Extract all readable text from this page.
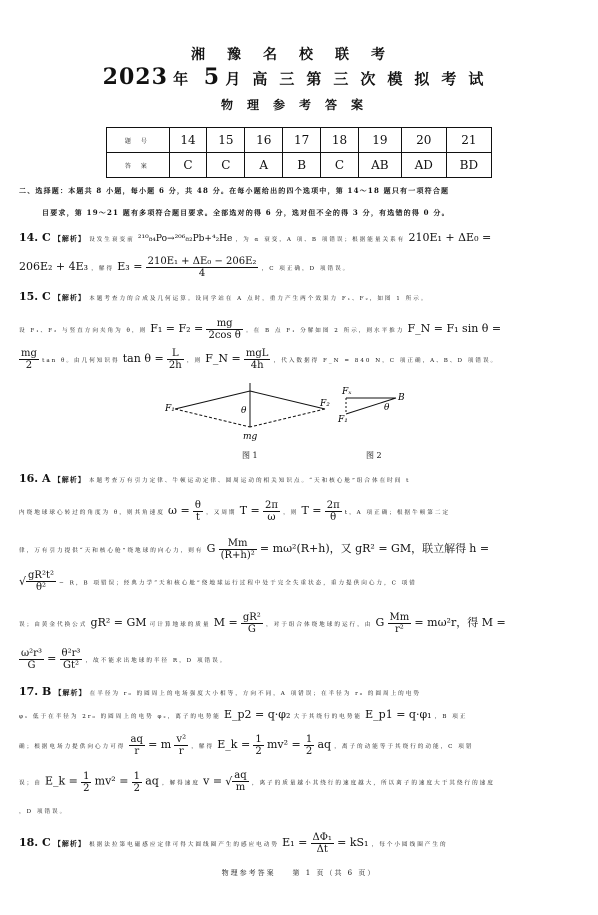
湘豫名校联考
2023 年 5 月高三第三次模拟考试
物理参考答案
题 号	14	15	16	17	18	19	20	21
答 案	C	C	A	B	C	AB	AD	BD
二、选择题：本题共 8 小题，每小题 6 分，共 48 分。在每小题给出的四个选项中，第 14～18 题只有一项符合题
目要求，第 19～21 题有多项符合题目要求。全部选对的得 6 分，选对但不全的得 3 分，有选错的得 0 分。
14. C 【解析】 设发生衰变前 ²¹⁰₈₄Po→²⁰⁶₈₂Pb+⁴₂He ，为 α 衰变，A 项、B 项错误；根据能量关系有 210E₁ + ΔE₀ =
206E₂ + 4E₃ ，解得 $E_3 = \frac{\text{210E₁ + ΔE₀ − 206E₂}}{4}$ ，C 项正确，D 项错误。
15. C 【解析】 本题考查力的合成及几何运算。设同学站在 A 点时，重力产生两个效果力 F₁、F₂，如图 1 所示。
设 F₁、F₂ 与竖直方向夹角为 θ，则 $F_1 = F_2 = \frac{mg}{\text{2cos θ}}$ 。在 B 点 F₁ 分解如图 2 所示，则水平推力 F_N = F₁ sin θ =
$\frac{mg}{2}$ tan θ。由几何知识得 $\tan \theta = \frac{L}{2h}$ ，则 F_N = $\frac{\text{mgL}}{4h}$ ，代入数据得 F_N = 840 N，C 项正确，A、B、D 项错误。
F₁	F₂
θ
mg
图 1
Fₓ
F₁
θ
B
图 2
16. A 【解析】 本题考查万有引力定律、牛顿运动定律、圆周运动的相关知识点。“天和核心舱”组合体在时间 t
内绕地球球心转过的角度为 θ，则其角速度 $\omega = \frac{\theta}{t}$ ，又周期 $T = \frac{2\pi}{\omega}$ ，则 $T = \frac{2\pi}{\theta}$ t，A 项正确；根据牛顿第二定
律，万有引力提供“天和核心舱”绕地球的向心力，则有 G $\frac{Mm}{\text{(R+h)²}} = m\omega^2(R+h)$，又 gR² = GM，联立解得 h =
√ $\frac{\text{gR²t²}}{\text{θ²}} - R$，B 项错误；经典力学“天和核心舱”绕地球运行过程中处于完全失重状态，重力提供向心力，C 项错
误；由黄金代换公式 gR² = GM 可计算地球的质量 $M = \frac{\text{gR²}}{G}$ ，对于组合体绕地球的运行，由 G $\frac{Mm}{\text{r²}} = m\omega^2r$，得 M =
$\frac{\text{ω²r³}}{G} = \frac{\text{θ²r³}}{\text{Gt²}}$ ，故不能求出地球的半径 R，D 项错误。
17. B 【解析】 在半径为 r₀ 的圆周上的电场强度大小相等，方向不同，A 项错误；在半径为 r₀ 的圆周上的电势
φ₁ 低于在半径为 2r₀ 的圆周上的电势 φ₂，离子的电势能 E_p2 = q·φ₂ 大于其绕行的电势能 E_p1 = q·φ₁ ，B 项正
确；根据电场力提供向心力可得 $\frac{aq}{r} = m \frac{\text{v²}}{r}$ ，解得 E_k = $\frac{1}{2} mv^2 = \frac{1}{2}$ aq ，离子的动能等于其绕行的动能，C 项错
误；由 E_k = $\frac{1}{2} mv^2 = \frac{1}{2}$ aq ，解得速度 v = √ $\frac{aq}{m}$ ，离子的质量越小其绕行的速度越大，所以离子的速度大于其绕行的速度
，D 项错误。
18. C 【解析】 根据法拉第电磁感应定律可得大圆线圈产生的感应电动势 $E_1 = \frac{\text{ΔΦ₁}}{\Delta t} = kS_1$ ，每个小圆线圈产生的
物理参考答案 第 1 页（共 6 页）
